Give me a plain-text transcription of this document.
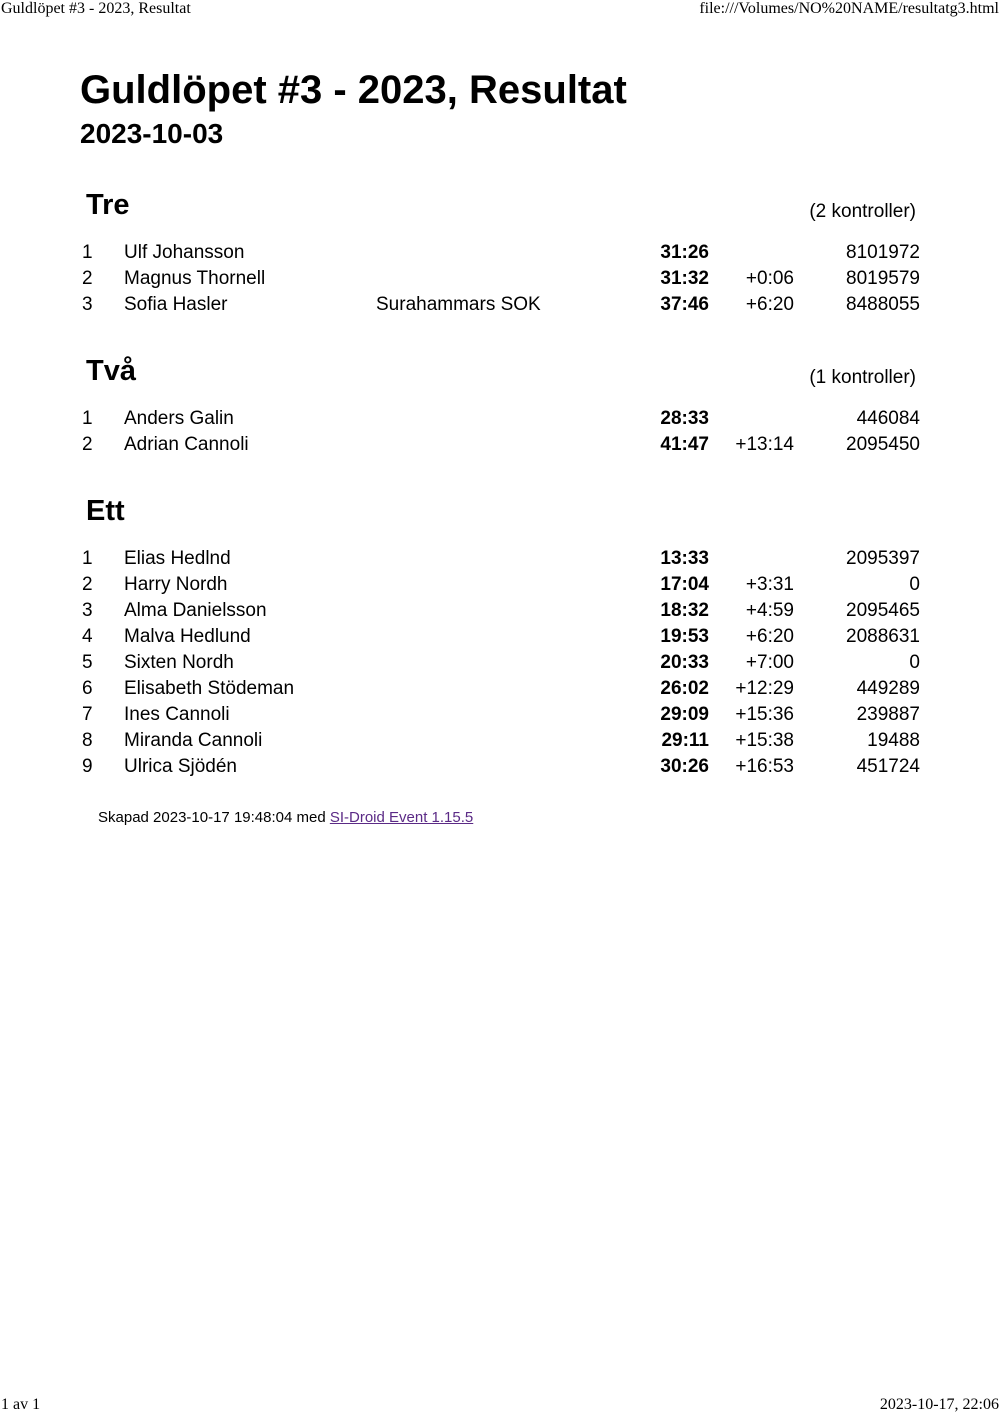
Guldlöpet #3 - 2023, Resultat	file:///Volumes/NO%20NAME/resultatg3.html
Guldlöpet #3 - 2023, Resultat
2023-10-03
Tre	(2 kontroller)
1 Ulf Johansson	31:26	8101972
2 Magnus Thornell	31:32 +0:06	8019579
3 Sofia Hasler	Surahammars SOK	37:46 +6:20	8488055
Två	(1 kontroller)
1 Anders Galin	28:33	446084
2 Adrian Cannoli	41:47 +13:14	2095450
Ett
1 Elias Hedlnd	13:33	2095397
2 Harry Nordh	17:04 +3:31	0
3 Alma Danielsson	18:32 +4:59	2095465
4 Malva Hedlund	19:53 +6:20	2088631
5 Sixten Nordh	20:33 +7:00	0
6 Elisabeth Stödeman	26:02 +12:29	449289
7 Ines Cannoli	29:09 +15:36	239887
8 Miranda Cannoli	29:11 +15:38	19488
9 Ulrica Sjödén	30:26 +16:53	451724
Skapad 2023-10-17 19:48:04 med SI-Droid Event 1.15.5
1 av 1	2023-10-17, 22:06
